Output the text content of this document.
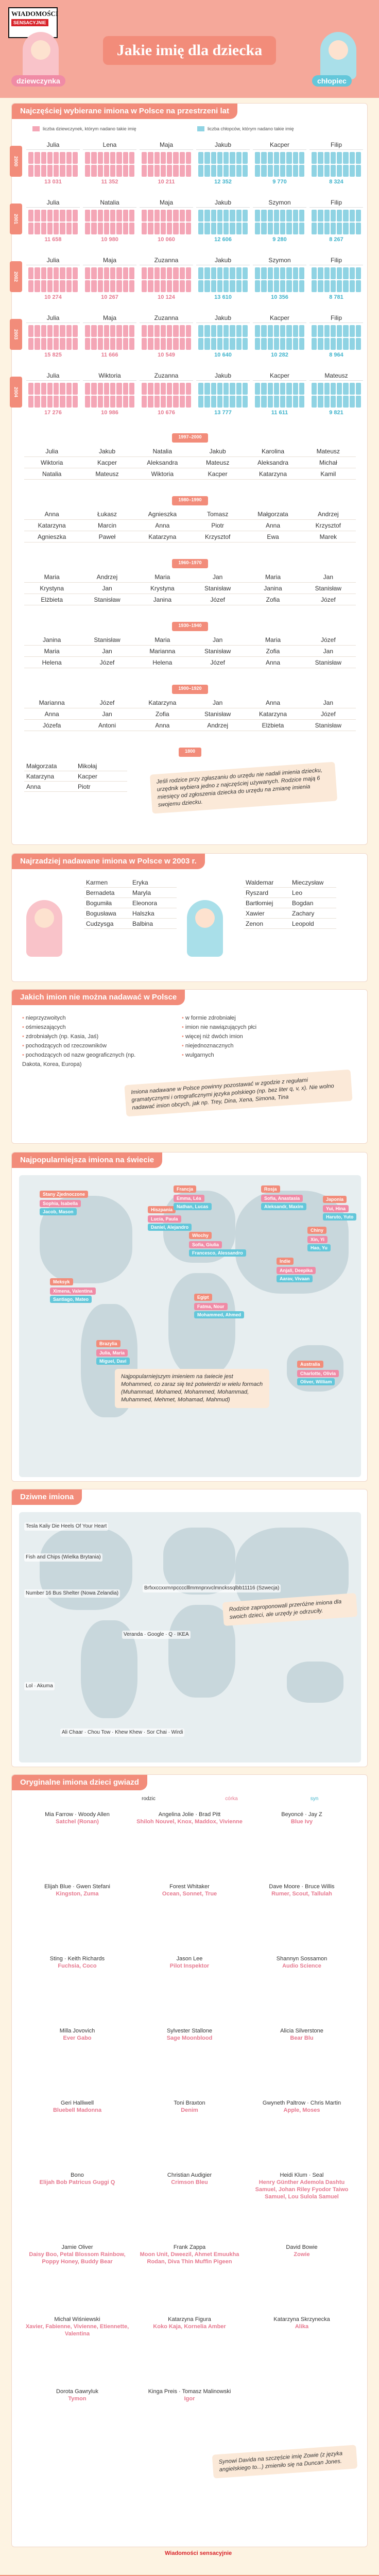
WIADOMOŚCI
SENSACYJNIE
Jakie imię dla dziecka
dziewczynka	chłopiec
Najczęściej wybierane imiona w Polsce na przestrzeni lat
liczba dziewczynek, którym nadano takie imię	liczba chłopców, którym nadano takie imię
2000
Julia
13 031
Lena
11 352
Maja
10 211
Jakub
12 352
Kacper
9 770
Filip
8 324
2001
Julia
11 658
Natalia
10 980
Maja
10 060
Jakub
12 606
Szymon
9 280
Filip
8 267
2002
Julia
10 274
Maja
10 267
Zuzanna
10 124
Jakub
13 610
Szymon
10 356
Filip
8 781
2003
Julia
15 825
Maja
11 666
Zuzanna
10 549
Jakub
10 640
Kacper
10 282
Filip
8 964
2004
Julia
17 276
Wiktoria
10 986
Zuzanna
10 676
Jakub
13 777
Kacper
11 611
Mateusz
9 821
1997–2000
Julia	Jakub	Natalia	Jakub	Karolina	Mateusz
Wiktoria	Kacper	Aleksandra	Mateusz	Aleksandra	Michał
Natalia	Mateusz	Wiktoria	Kacper	Katarzyna	Kamil
1980–1990
Anna	Łukasz	Agnieszka	Tomasz	Małgorzata	Andrzej
Katarzyna	Marcin	Anna	Piotr	Anna	Krzysztof
Agnieszka	Paweł	Katarzyna	Krzysztof	Ewa	Marek
1960–1970
Maria	Andrzej	Maria	Jan	Maria	Jan
Krystyna	Jan	Krystyna	Stanisław	Janina	Stanisław
Elżbieta	Stanisław	Janina	Józef	Zofia	Józef
1930–1940
Janina	Stanisław	Maria	Jan	Maria	Józef
Maria	Jan	Marianna	Stanisław	Zofia	Jan
Helena	Józef	Helena	Józef	Anna	Stanisław
1900–1920
Marianna	Józef	Katarzyna	Jan	Anna	Jan
Anna	Jan	Zofia	Stanisław	Katarzyna	Józef
Józefa	Antoni	Anna	Andrzej	Elżbieta	Stanisław
1800
Małgorzata	Mikołaj
Katarzyna	Kacper
Anna	Piotr
Jeśli rodzice przy zgłaszaniu do urzędu nie nadali imienia dziecku, urzędnik wybiera jedno z najczęściej używanych. Rodzice mają 6 miesięcy od zgłoszenia dziecka do urzędu na zmianę imienia swojemu dziecku.
Najrzadziej nadawane imiona w Polsce w 2003 r.
Karmen	Eryka
Bernadeta	Maryla
Bogumiła	Eleonora
Bogusława	Halszka
Cudzysga	Balbina
Waldemar	Mieczysław
Ryszard	Leo
Bartłomiej	Bogdan
Xawier	Zachary
Zenon	Leopold
Jakich imion nie można nadawać w Polsce
• nieprzyzwoitych
• ośmieszających
• zdrobniałych (np. Kasia, Jaś)
• pochodzących od rzeczowników
• pochodzących od nazw geograficznych (np. Dakota, Korea, Europa)
• w formie zdrobniałej
• imion nie nawiązujących płci
• więcej niż dwóch imion
• niejednoznacznych
• wulgarnych
Imiona nadawane w Polsce powinny pozostawać w zgodzie z regułami gramatycznymi i ortograficznymi języka polskiego (np. bez liter q, v, x). Nie wolno nadawać imion obcych, jak np. Trey, Dina, Xena, Simona, Tina
Najpopularniejsza imiona na świecie
Stany Zjednoczone
Sophia, Isabella
Jacob, Mason	Hiszpania
Lucía, Paula
Daniel, Alejandro
Francja
Emma, Léa
Nathan, Lucas
Włochy
Sofia, Giulia
Francesco, Alessandro
Rosja
Sofia, Anastasia
Aleksandr, Maxim
Indie
Anjali, Deepika
Aarav, Vivaan
Chiny
Xin, Yi
Hao, Yu
Japonia
Yui, Hina
Haruto, Yuto
Brazylia
Julia, Maria
Miguel, Davi
Egipt
Fatma, Nour
Mohammed, Ahmed
Australia
Charlotte, Olivia
Oliver, William
Meksyk
Ximena, Valentina
Santiago, Mateo
Najpopularniejszym imieniem na świecie jest Mohammed, co zaraz się też potwierdzi w wielu formach (Muhammad, Mohamed, Mohammed, Mohammad, Muhammed, Mehmet, Mohamad, Mahmud)
Dziwne imiona
Tesla Kaliy Die Heels Of Your Heart
Fish and Chips (Wielka Brytania)
Number 16 Bus Shelter (Nowa Zelandia)
Brfxxccxxmnpcccclllmmnprxvclmnckssqlbb11116 (Szwecja)
Veranda · Google · Q · IKEA
Lol · Akuma
Ali Chaar · Chou Tow · Khew Khew · Sor Chai · Wirdi
Rodzice zaproponowali przeróżne imiona dla swoich dzieci, ale urzędy je odrzuciły.
Oryginalne imiona dzieci gwiazd
rodzic	córka	syn
Mia Farrow · Woody Allen
Satchel (Ronan)
Angelina Jolie · Brad Pitt
Shiloh Nouvel, Knox, Maddox, Vivienne
Beyoncé · Jay Z
Blue Ivy
Elijah Blue · Gwen Stefani
Kingston, Zuma
Forest Whitaker
Ocean, Sonnet, True
Dave Moore · Bruce Willis
Rumer, Scout, Tallulah
Sting · Keith Richards
Fuchsia, Coco
Jason Lee
Pilot Inspektor
Shannyn Sossamon
Audio Science
Milla Jovovich
Ever Gabo
Sylvester Stallone
Sage Moonblood
Alicia Silverstone
Bear Blu
Geri Halliwell
Bluebell Madonna
Toni Braxton
Denim
Gwyneth Paltrow · Chris Martin
Apple, Moses
Bono
Elijah Bob Patricus Guggi Q
Christian Audigier
Crimson Bleu
Heidi Klum · Seal
Henry Günther Ademola Dashtu Samuel, Johan Riley Fyodor Taiwo Samuel, Lou Sulola Samuel
Jamie Oliver
Daisy Boo, Petal Blossom Rainbow, Poppy Honey, Buddy Bear
Frank Zappa
Moon Unit, Dweezil, Ahmet Emuukha Rodan, Diva Thin Muffin Pigeen
David Bowie
Zowie
Michał Wiśniewski
Xavier, Fabienne, Vivienne, Etiennette, Valentina
Katarzyna Figura
Koko Kaja, Kornelia Amber
Katarzyna Skrzynecka
Alika
Dorota Gawryluk
Tymon
Kinga Preis · Tomasz Malinowski
Igor
Synowi Davida na szczęście imię Zowie (z języka angielskiego to...) zmieniło się na Duncan Jones.
Wiadomości sensacyjnie
